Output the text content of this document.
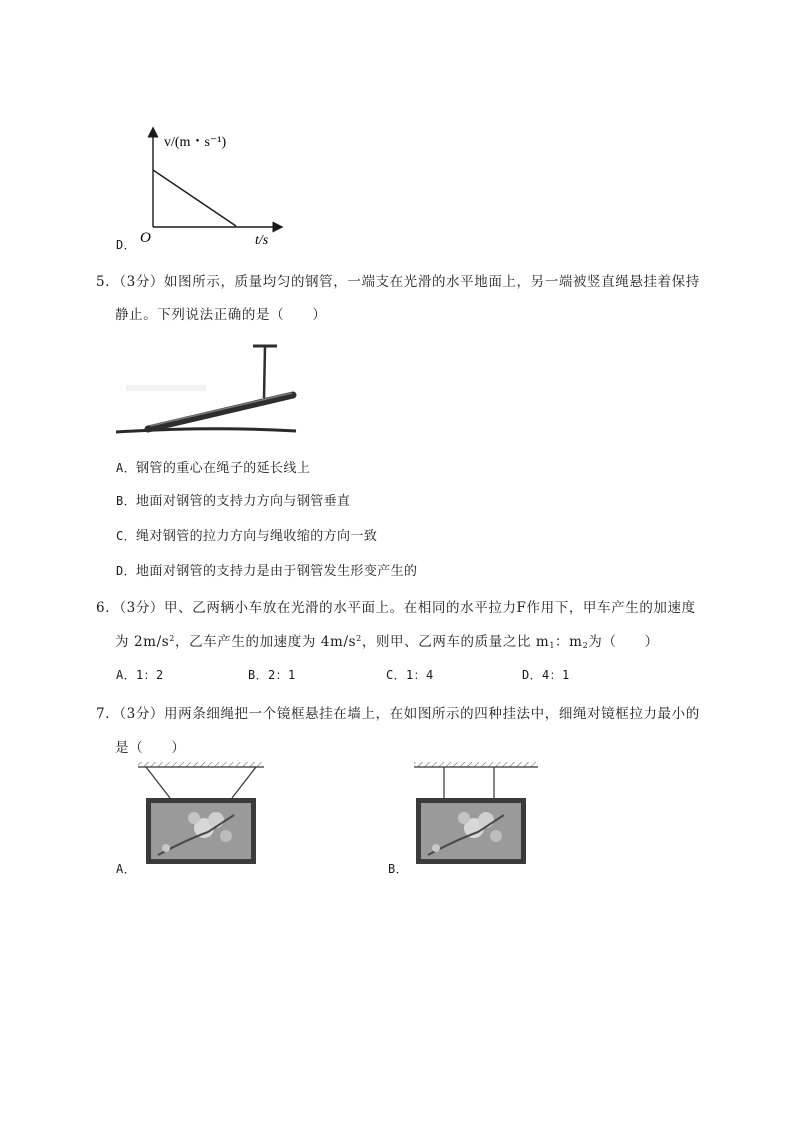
D．
v/(m・s⁻¹)
t/s
O
5．（3分）如图所示，质量均匀的钢管，一端支在光滑的水平地面上，另一端被竖直绳悬挂着保持
静止。下列说法正确的是（　　）
A．钢管的重心在绳子的延长线上
B．地面对钢管的支持力方向与钢管垂直
C．绳对钢管的拉力方向与绳收缩的方向一致
D．地面对钢管的支持力是由于钢管发生形变产生的
6．（3分）甲、乙两辆小车放在光滑的水平面上。在相同的水平拉力F作用下，甲车产生的加速度
为 $2m/s^2$，乙车产生的加速度为 $4m/s^2$，则甲、乙两车的质量之比 $m_1$：$m_2$为（　　）
A．1：2	B．2：1	C．1：4	D．4：1
7．（3分）用两条细绳把一个镜框悬挂在墙上，在如图所示的四种挂法中，细绳对镜框拉力最小的
是（　　）
A．	B．
